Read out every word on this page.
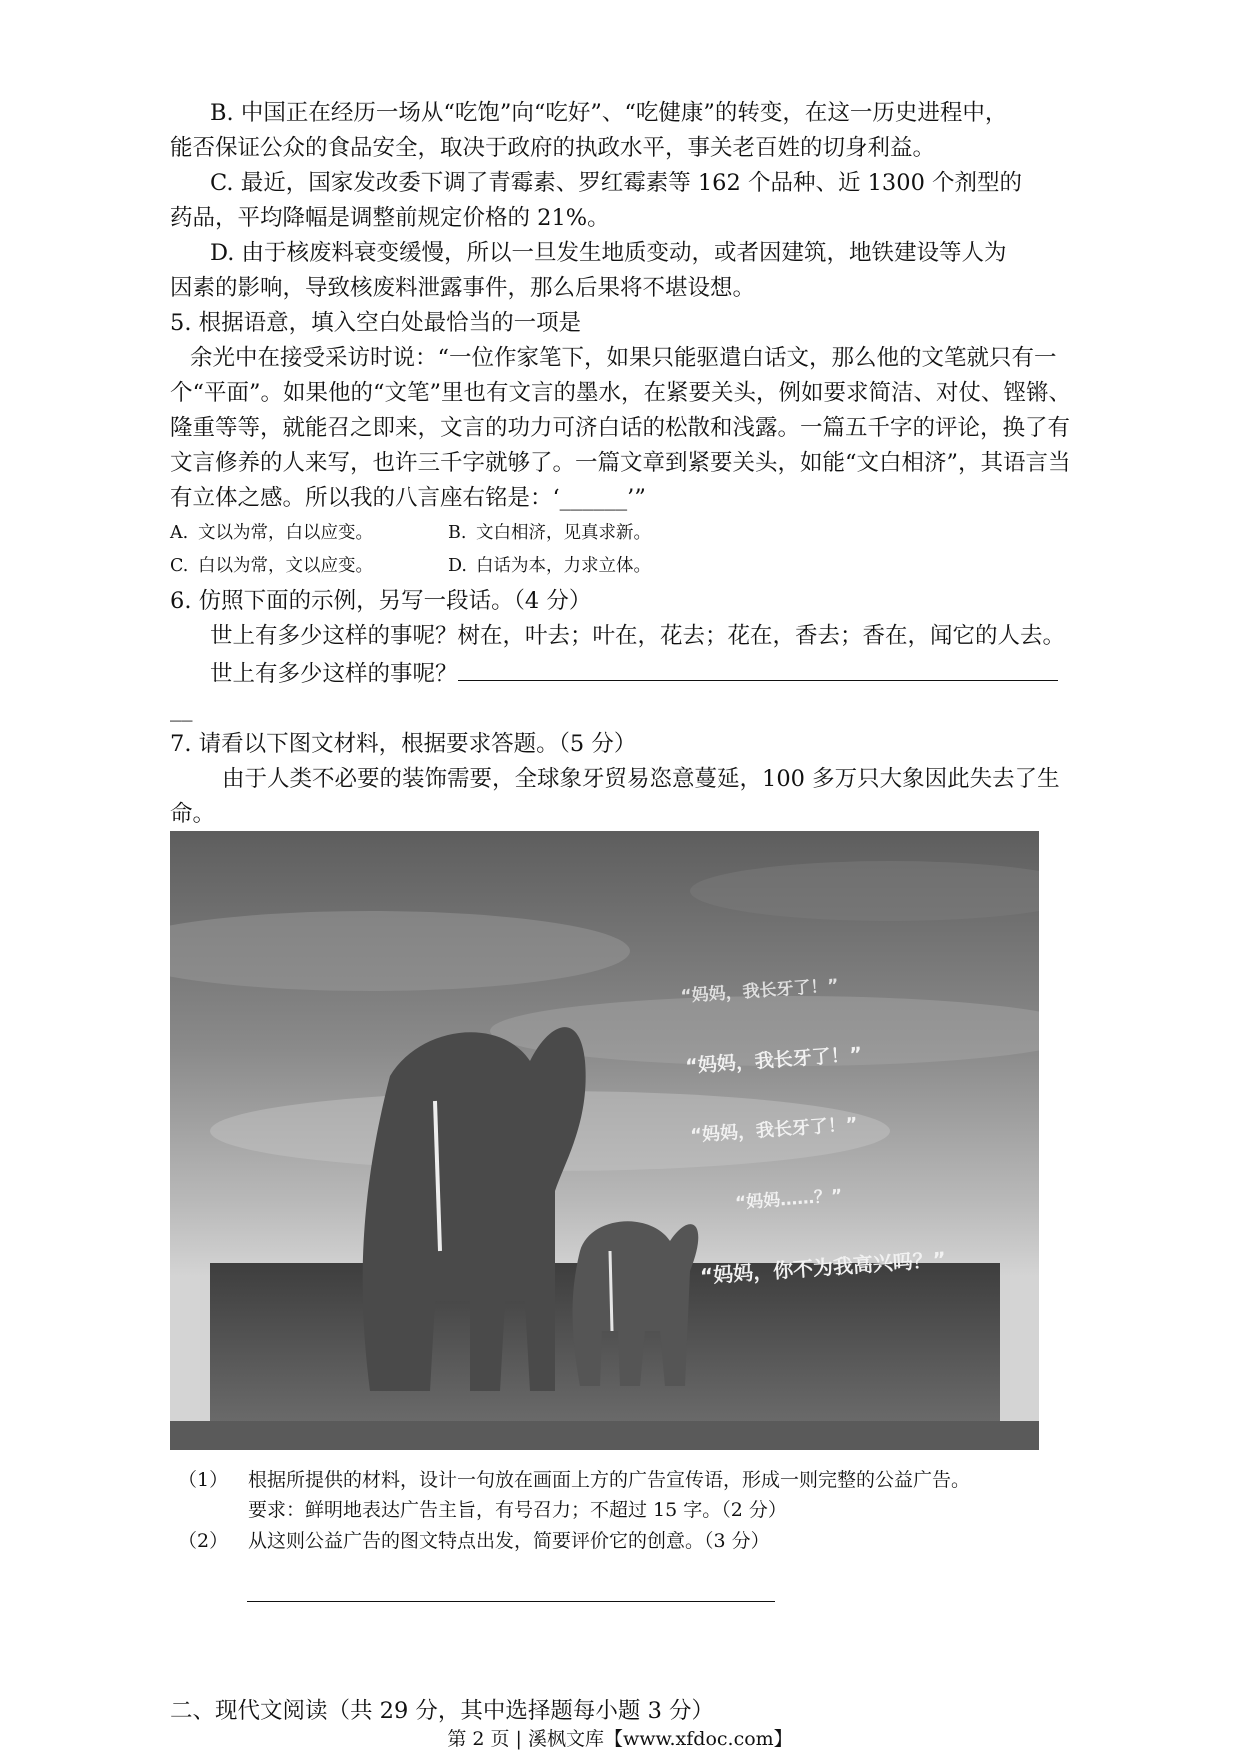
B. 中国正在经历一场从“吃饱”向“吃好”、“吃健康”的转变，在这一历史进程中，

能否保证公众的食品安全，取决于政府的执政水平，事关老百姓的切身利益。

C. 最近，国家发改委下调了青霉素、罗红霉素等 162 个品种、近 1300 个剂型的

药品，平均降幅是调整前规定价格的 21%。

D. 由于核废料衰变缓慢，所以一旦发生地质变动，或者因建筑，地铁建设等人为

因素的影响，导致核废料泄露事件，那么后果将不堪设想。

5. 根据语意，填入空白处最恰当的一项是

余光中在接受采访时说：“一位作家笔下，如果只能驱遣白话文，那么他的文笔就只有一个“平面”。如果他的“文笔”里也有文言的墨水，在紧要关头，例如要求简洁、对仗、铿锵、隆重等等，就能召之即来，文言的功力可济白话的松散和浅露。一篇五千字的评论，换了有文言修养的人来写，也许三千字就够了。一篇文章到紧要关头，如能“文白相济”，其语言当有立体之感。所以我的八言座右铭是：‘______’”

A. 文以为常，白以应变。	B. 文白相济，见真求新。
C. 白以为常，文以应变。	D. 白话为本，力求立体。

6. 仿照下面的示例，另写一段话。（4 分）

世上有多少这样的事呢？树在，叶去；叶在，花去；花在，香去；香在，闻它的人去。

世上有多少这样的事呢？

__

7. 请看以下图文材料，根据要求答题。（5 分）

由于人类不必要的装饰需要，全球象牙贸易恣意蔓延，100 多万只大象因此失去了生命。

“妈妈，我长牙了！”
“妈妈，我长牙了！”
“妈妈，我长牙了！”
“妈妈……？”
“妈妈，你不为我高兴吗？”
（1） 根据所提供的材料，设计一句放在画面上方的广告宣传语，形成一则完整的公益广告。
要求：鲜明地表达广告主旨，有号召力；不超过 15 字。（2 分）
（2） 从这则公益广告的图文特点出发，简要评价它的创意。（3 分）
二、现代文阅读（共 29 分，其中选择题每小题 3 分）
第 2 页 | 溪枫文库【www.xfdoc.com】
